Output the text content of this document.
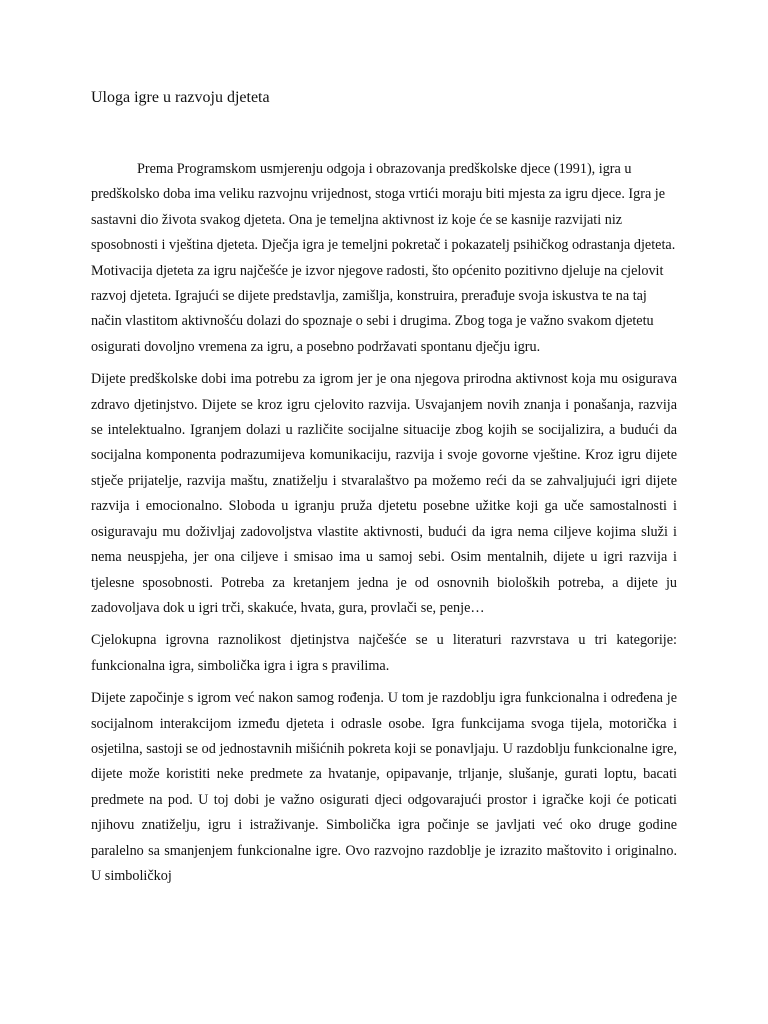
Uloga igre u razvoju djeteta

Prema Programskom usmjerenju odgoja i obrazovanja predškolske djece (1991), igra u predškolsko doba ima veliku razvojnu vrijednost, stoga vrtići moraju biti mjesta za igru djece. Igra je sastavni dio života svakog djeteta. Ona je temeljna aktivnost iz koje će se kasnije razvijati niz sposobnosti i vještina djeteta. Dječja igra je temeljni pokretač i pokazatelj psihičkog odrastanja djeteta. Motivacija djeteta za igru najčešće je izvor njegove radosti, što općenito pozitivno djeluje na cjelovit razvoj djeteta. Igrajući se dijete predstavlja, zamišlja, konstruira, prerađuje svoja iskustva te na taj način vlastitom aktivnošću dolazi do spoznaje o sebi i drugima. Zbog toga je važno svakom djetetu osigurati dovoljno vremena za igru, a posebno podržavati spontanu dječju igru.

Dijete predškolske dobi ima potrebu za igrom jer je ona njegova prirodna aktivnost koja mu osigurava zdravo djetinjstvo. Dijete se kroz igru cjelovito razvija. Usvajanjem novih znanja i ponašanja, razvija se intelektualno. Igranjem dolazi u različite socijalne situacije zbog kojih se socijalizira, a budući da socijalna komponenta podrazumijeva komunikaciju, razvija i svoje govorne vještine. Kroz igru dijete stječe prijatelje, razvija maštu, znatiželju i stvaralaštvo pa možemo reći da se zahvaljujući igri dijete razvija i emocionalno. Sloboda u igranju pruža djetetu posebne užitke koji ga uče samostalnosti i osiguravaju mu doživljaj zadovoljstva vlastite aktivnosti, budući da igra nema ciljeve kojima služi i nema neuspjeha, jer ona ciljeve i smisao ima u samoj sebi. Osim mentalnih, dijete u igri razvija i tjelesne sposobnosti. Potreba za kretanjem jedna je od osnovnih bioloških potreba, a dijete ju zadovoljava dok u igri trči, skakuće, hvata, gura, provlači se, penje…

Cjelokupna igrovna raznolikost djetinjstva najčešće se u literaturi razvrstava u tri kategorije: funkcionalna igra, simbolička igra i igra s pravilima.

Dijete započinje s igrom već nakon samog rođenja. U tom je razdoblju igra funkcionalna i određena je socijalnom interakcijom između djeteta i odrasle osobe. Igra funkcijama svoga tijela, motorička i osjetilna, sastoji se od jednostavnih mišićnih pokreta koji se ponavljaju. U razdoblju funkcionalne igre, dijete može koristiti neke predmete za hvatanje, opipavanje, trljanje, slušanje, gurati loptu, bacati predmete na pod. U toj dobi je važno osigurati djeci odgovarajući prostor i igračke koji će poticati njihovu znatiželju, igru i istraživanje. Simbolička igra počinje se javljati već oko druge godine paralelno sa smanjenjem funkcionalne igre. Ovo razvojno razdoblje je izrazito maštovito i originalno. U simboličkoj
